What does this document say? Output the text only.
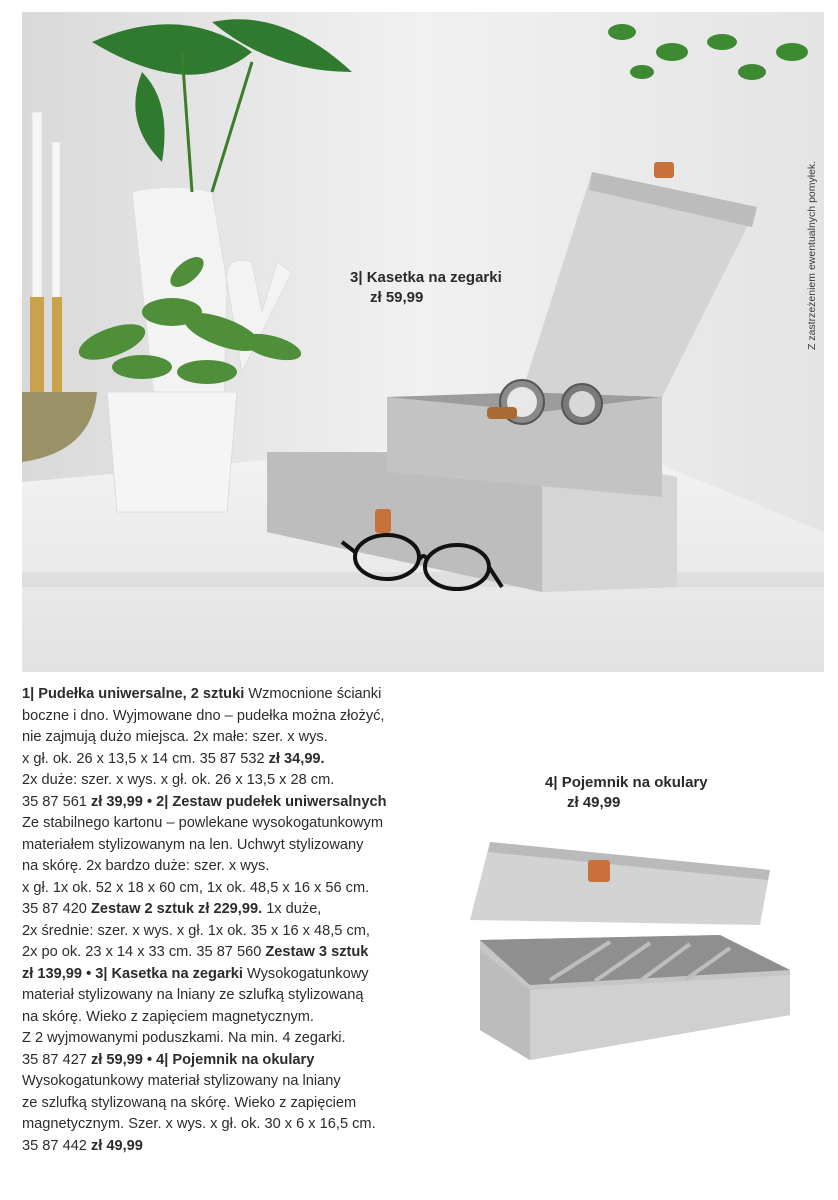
3| Kasetka na zegarki
zł 59,99	Z zastrzeżeniem ewentualnych pomyłek.
4| Pojemnik na okulary
zł 49,99
1| Pudełka uniwersalne, 2 sztuki Wzmocnione ścianki
boczne i dno. Wyjmowane dno – pudełka można złożyć,
nie zajmują dużo miejsca. 2x małe: szer. x wys.
x gł. ok. 26 x 13,5 x 14 cm. 35 87 532 zł 34,99.
2x duże: szer. x wys. x gł. ok. 26 x 13,5 x 28 cm.
35 87 561 zł 39,99 • 2| Zestaw pudełek uniwersalnych
Ze stabilnego kartonu – powlekane wysokogatunkowym
materiałem stylizowanym na len. Uchwyt stylizowany
na skórę. 2x bardzo duże: szer. x wys.
x gł. 1x ok. 52 x 18 x 60 cm, 1x ok. 48,5 x 16 x 56 cm.
35 87 420 Zestaw 2 sztuk zł 229,99. 1x duże,
2x średnie: szer. x wys. x gł. 1x ok. 35 x 16 x 48,5 cm,
2x po ok. 23 x 14 x 33 cm. 35 87 560 Zestaw 3 sztuk
zł 139,99 • 3| Kasetka na zegarki Wysokogatunkowy
materiał stylizowany na lniany ze szlufką stylizowaną
na skórę. Wieko z zapięciem magnetycznym.
Z 2 wyjmowanymi poduszkami. Na min. 4 zegarki.
35 87 427 zł 59,99 • 4| Pojemnik na okulary
Wysokogatunkowy materiał stylizowany na lniany
ze szlufką stylizowaną na skórę. Wieko z zapięciem
magnetycznym. Szer. x wys. x gł. ok. 30 x 6 x 16,5 cm.
35 87 442 zł 49,99
